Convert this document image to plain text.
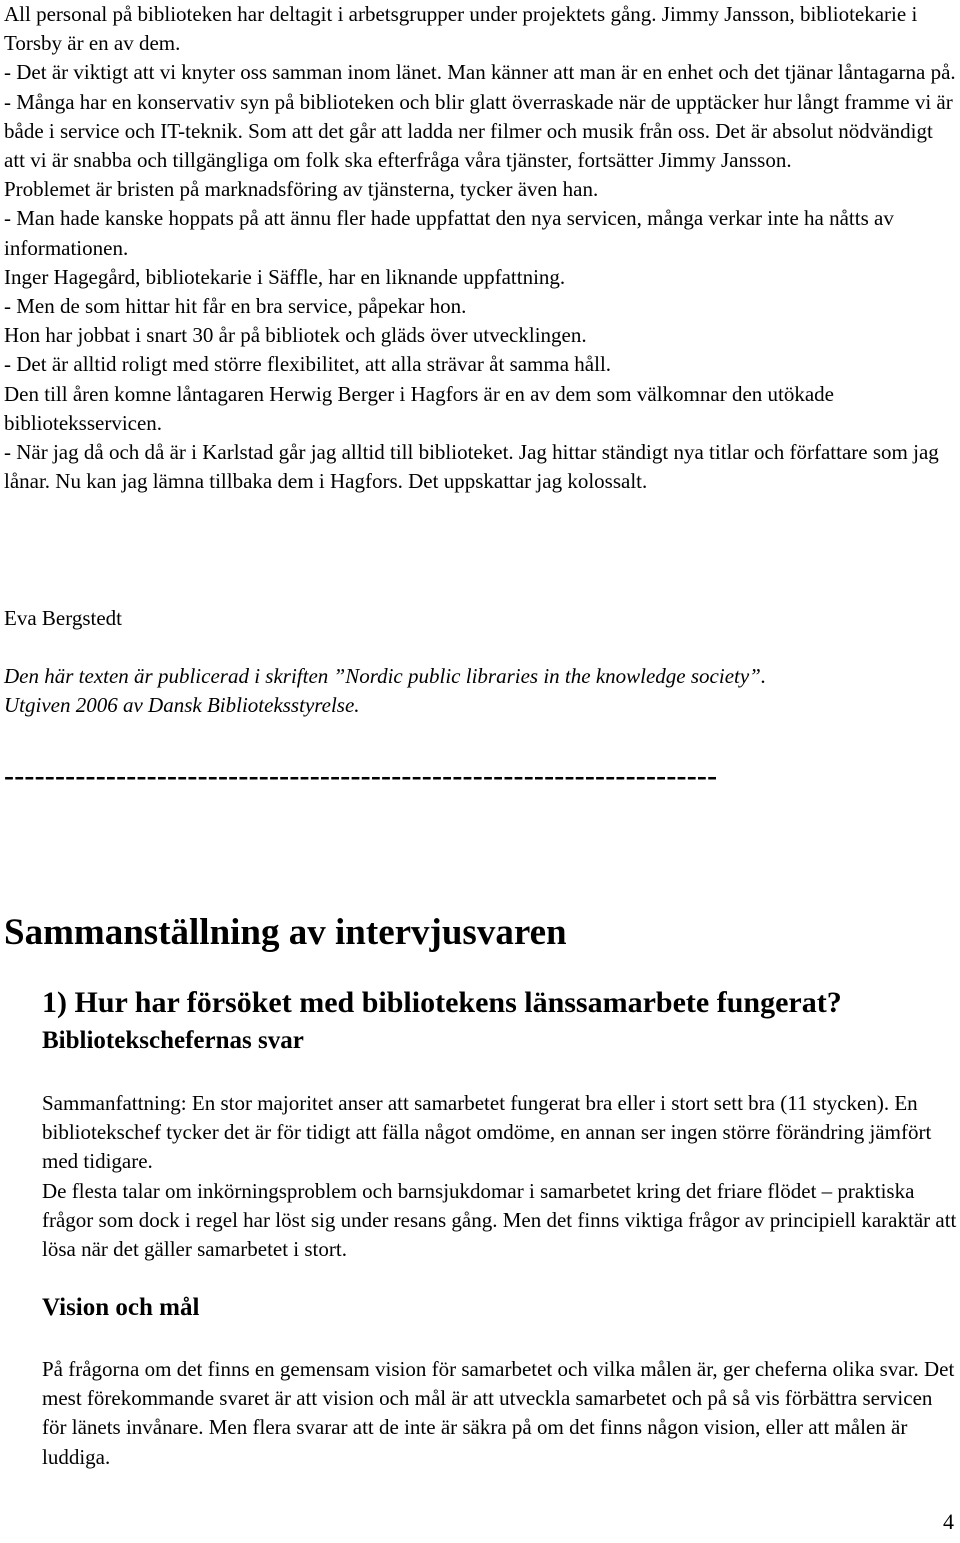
All personal på biblioteken har deltagit i arbetsgrupper under projektets gång. Jimmy Jansson, bibliotekarie i Torsby är en av dem.

- Det är viktigt att vi knyter oss samman inom länet. Man känner att man är en enhet och det tjänar låntagarna på.

- Många har en konservativ syn på biblioteken och blir glatt överraskade när de upptäcker hur långt framme vi är både i service och IT-teknik. Som att det går att ladda ner filmer och musik från oss. Det är absolut nödvändigt att vi är snabba och tillgängliga om folk ska efterfråga våra tjänster, fortsätter Jimmy Jansson.

Problemet är bristen på marknadsföring av tjänsterna, tycker även han.

- Man hade kanske hoppats på att ännu fler hade uppfattat den nya servicen, många verkar inte ha nåtts av informationen.

Inger Hagegård, bibliotekarie i Säffle, har en liknande uppfattning.

- Men de som hittar hit får en bra service, påpekar hon.

Hon har jobbat i snart 30 år på bibliotek och gläds över utvecklingen.

- Det är alltid roligt med större flexibilitet, att alla strävar åt samma håll.

Den till åren komne låntagaren Herwig Berger i Hagfors är en av dem som välkomnar den utökade biblioteksservicen.

- När jag då och då är i Karlstad går jag alltid till biblioteket. Jag hittar ständigt nya titlar och författare som jag lånar. Nu kan jag lämna tillbaka dem i Hagfors. Det uppskattar jag kolossalt.

Eva Bergstedt
Den här texten är publicerad i skriften ”Nordic public libraries in the knowledge society”.
Utgiven 2006 av Dansk Biblioteksstyrelse.
----------------------------------------------------------------------
Sammanställning av intervjusvaren
1) Hur har försöket med bibliotekens länssamarbete fungerat?
Bibliotekschefernas svar

Sammanfattning: En stor majoritet anser att samarbetet fungerat bra eller i stort sett bra (11 stycken). En bibliotekschef tycker det är för tidigt att fälla något omdöme, en annan ser ingen större förändring jämfört med tidigare.

De flesta talar om inkörningsproblem och barnsjukdomar i samarbetet kring det friare flödet – praktiska frågor som dock i regel har löst sig under resans gång. Men det finns viktiga frågor av principiell karaktär att lösa när det gäller samarbetet i stort.

Vision och mål

På frågorna om det finns en gemensam vision för samarbetet och vilka målen är, ger cheferna olika svar. Det mest förekommande svaret är att vision och mål är att utveckla samarbetet och på så vis förbättra servicen för länets invånare. Men flera svarar att de inte är säkra på om det finns någon vision, eller att målen är luddiga.

4
